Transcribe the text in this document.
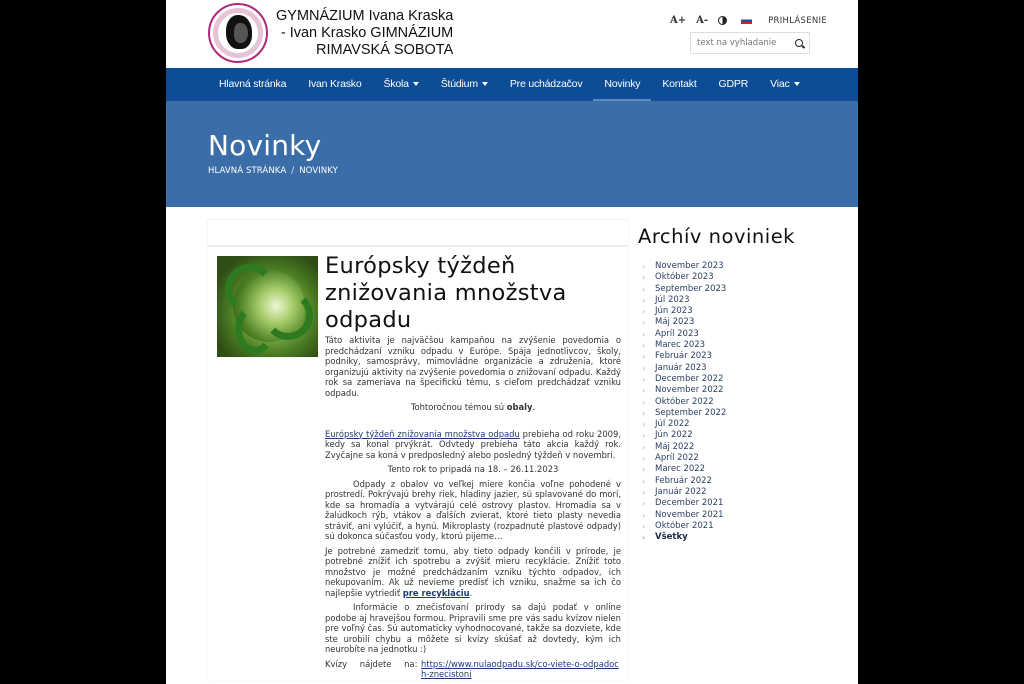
GYMNÁZIUM Ivana Kraska
- Ivan Krasko GIMNÁZIUM
RIMAVSKÁ SOBOTA
A+ A-	PRIHLÁSENIE
text na vyhladanie
Hlavná stránka	Ivan Krasko	Škola	Štúdium	Pre uchádzačov	Novinky	Kontakt	GDPR	Viac
Novinky
HLAVNÁ STRÁNKA / NOVINKY
Európsky týždeň znižovania množstva odpadu

Táto aktivita je najväčšou kampaňou na zvýšenie povedomia o predchádzaní vzniku odpadu v Európe. Spája jednotlivcov, školy, podniky, samosprávy, mimovládne organizácie a združenia, ktoré organizujú aktivity na zvýšenie povedomia o znižovaní odpadu. Každý rok sa zameriava na špecifickú tému, s cieľom predchádzať vzniku odpadu.

Tohtoročnou témou sú obaly.

Európsky týždeň znižovania množstva odpadu prebieha od roku 2009, kedy sa konal prvýkrát. Odvtedy prebieha táto akcia každý rok. Zvyčajne sa koná v predposledný alebo posledný týždeň v novembri.

Tento rok to pripadá na 18. – 26.11.2023

Odpady z obalov vo veľkej miere končia voľne pohodené v prostredí. Pokrývajú brehy riek, hladiny jazier, sú splavované do morí, kde sa hromadia a vytvárajú celé ostrovy plastov. Hromadia sa v žalúdkoch rýb, vtákov a ďalších zvierat, ktoré tieto plasty nevedia stráviť, ani vylúčiť, a hynú. Mikroplasty (rozpadnuté plastové odpady) sú dokonca súčasťou vody, ktorú pijeme…

Je potrebné zamedziť tomu, aby tieto odpady končili v prírode, je potrebné znížiť ich spotrebu a zvýšiť mieru recyklácie. Znížiť toto množstvo je možné predchádzaním vzniku týchto odpadov, ich nekupovaním. Ak už nevieme predísť ich vzniku, snažme sa ich čo najlepšie vytriediť pre recykláciu.

Informácie o znečisťovaní prírody sa dajú podať v online podobe aj hravejšou formou. Pripravili sme pre vás sadu kvízov nielen pre voľný čas. Sú automaticky vyhodnocované, takže sa dozviete, kde ste urobili chybu a môžete si kvízy skúšať až dovtedy, kým ich neurobíte na jednotku :)

Kvízy nájdete na: https://www.nulaodpadu.sk/co-viete-o-odpadoch-znecistoni

Archív noviniek
›	November 2023
›	Október 2023
›	September 2023
›	Júl 2023
›	Jún 2023
›	Máj 2023
›	Apríl 2023
›	Marec 2023
›	Február 2023
›	Január 2023
›	December 2022
›	November 2022
›	Október 2022
›	September 2022
›	Júl 2022
›	Jún 2022
›	Máj 2022
›	Apríl 2022
›	Marec 2022
›	Február 2022
›	Január 2022
›	December 2021
›	November 2021
›	Október 2021
›	Všetky
